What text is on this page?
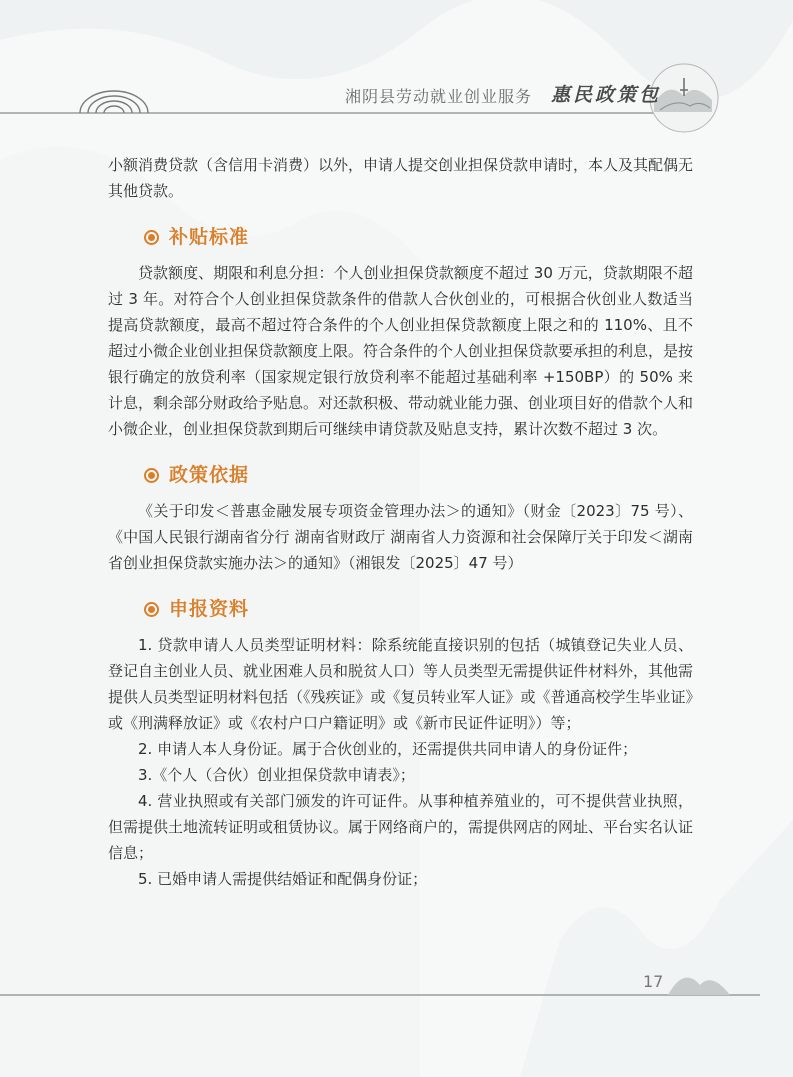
湘阴县劳动就业创业服务 惠民政策包

小额消费贷款（含信用卡消费）以外，申请人提交创业担保贷款申请时，本人及其配偶无其他贷款。

补贴标准

贷款额度、期限和利息分担：个人创业担保贷款额度不超过 30 万元，贷款期限不超过 3 年。对符合个人创业担保贷款条件的借款人合伙创业的，可根据合伙创业人数适当提高贷款额度，最高不超过符合条件的个人创业担保贷款额度上限之和的 110%、且不超过小微企业创业担保贷款额度上限。符合条件的个人创业担保贷款要承担的利息，是按银行确定的放贷利率（国家规定银行放贷利率不能超过基础利率 +150BP）的 50% 来计息，剩余部分财政给予贴息。对还款积极、带动就业能力强、创业项目好的借款个人和小微企业，创业担保贷款到期后可继续申请贷款及贴息支持，累计次数不超过 3 次。

政策依据

《关于印发＜普惠金融发展专项资金管理办法＞的通知》（财金〔2023〕75 号）、《中国人民银行湖南省分行 湖南省财政厅 湖南省人力资源和社会保障厅关于印发＜湖南省创业担保贷款实施办法＞的通知》（湘银发〔2025〕47 号）

申报资料

1. 贷款申请人人员类型证明材料：除系统能直接识别的包括（城镇登记失业人员、登记自主创业人员、就业困难人员和脱贫人口）等人员类型无需提供证件材料外，其他需提供人员类型证明材料包括（《残疾证》或《复员转业军人证》或《普通高校学生毕业证》或《刑满释放证》或《农村户口户籍证明》或《新市民证件证明》）等；

2. 申请人本人身份证。属于合伙创业的，还需提供共同申请人的身份证件；

3.《个人（合伙）创业担保贷款申请表》；

4. 营业执照或有关部门颁发的许可证件。从事种植养殖业的，可不提供营业执照，但需提供土地流转证明或租赁协议。属于网络商户的，需提供网店的网址、平台实名认证信息；

5. 已婚申请人需提供结婚证和配偶身份证；

17
